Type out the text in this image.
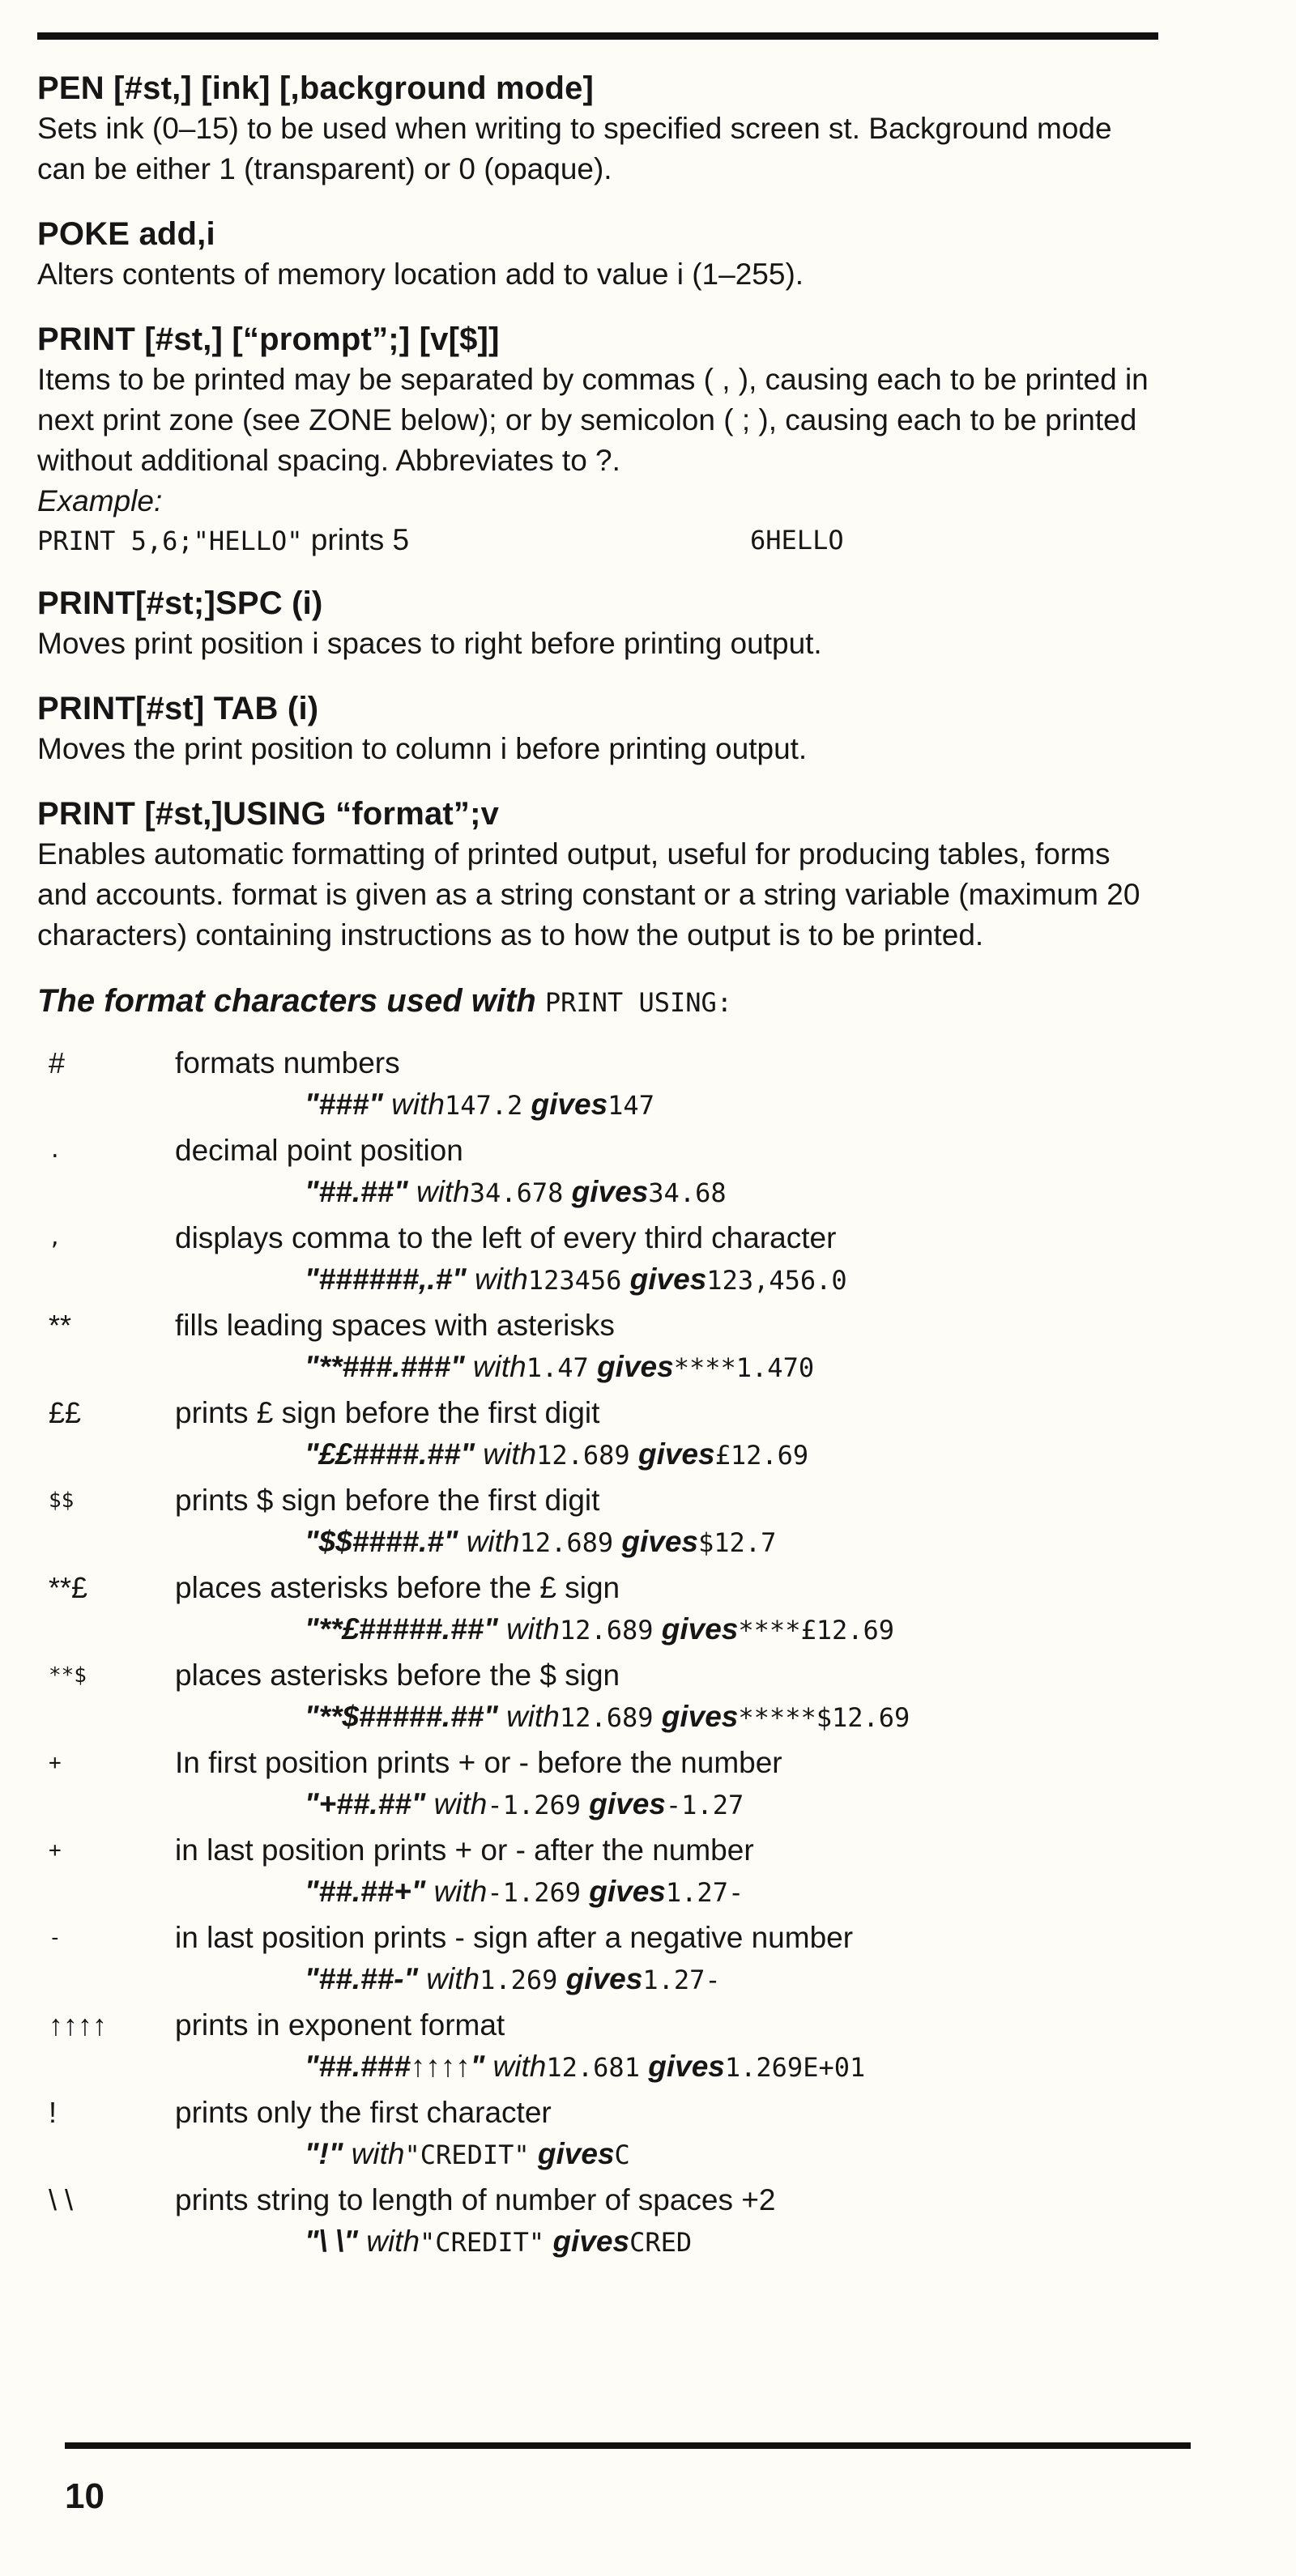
PEN [#st,] [ink] [,background mode]
Sets ink (0–15) to be used when writing to specified screen st. Background mode can be either 1 (transparent) or 0 (opaque).
POKE add,i
Alters contents of memory location add to value i (1–255).
PRINT [#st,] [“prompt”;] [v[$]]
Items to be printed may be separated by commas ( , ), causing each to be printed in next print zone (see ZONE below); or by semicolon ( ; ), causing each to be printed without additional spacing. Abbreviates to ?.
Example:
PRINT 5,6;"HELLO" prints 5	6HELLO
PRINT[#st;]SPC (i)
Moves print position i spaces to right before printing output.
PRINT[#st] TAB (i)
Moves the print position to column i before printing output.
PRINT [#st,]USING “format”;v
Enables automatic formatting of printed output, useful for producing tables, forms and accounts. format is given as a string constant or a string variable (maximum 20 characters) containing instructions as to how the output is to be printed.
The format characters used with PRINT USING:
#	formats numbers
"###" with147.2 gives147
.	decimal point position
"##.##" with34.678 gives34.68
,	displays comma to the left of every third character
"######,.#" with123456 gives123,456.0
**	fills leading spaces with asterisks
"**###.###" with1.47 gives****1.470
££	prints £ sign before the first digit
"££####.##" with12.689 gives£12.69
$$	prints $ sign before the first digit
"$$####.#" with12.689 gives$12.7
**£	places asterisks before the £ sign
"**£#####.##" with12.689 gives****£12.69
**$	places asterisks before the $ sign
"**$#####.##" with12.689 gives*****$12.69
+	In first position prints + or - before the number
"+##.##" with-1.269 gives-1.27
+	in last position prints + or - after the number
"##.##+" with-1.269 gives1.27-
-	in last position prints - sign after a negative number
"##.##-" with1.269 gives1.27-
↑↑↑↑	prints in exponent format
"##.###↑↑↑↑" with12.681 gives1.269E+01
!	prints only the first character
"!" with"CREDIT" givesC
\ \	prints string to length of number of spaces +2
"\ \" with"CREDIT" givesCRED
10
